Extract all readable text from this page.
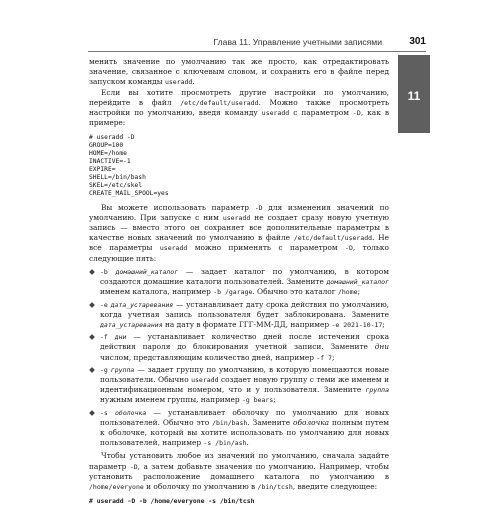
Глава 11. Управление учетными записями	301
11

менить значение по умолчанию так же просто, как отредактировать значение, связанное с ключевым словом, и сохранить его в файле перед запуском команды useradd.

Если вы хотите просмотреть другие настройки по умолчанию, перейдите в файл /etc/default/useradd. Можно также просмотреть настройки по умолчанию, введя команду useradd с параметром -D, как в примере:

# useradd -D
GROUP=100
HOME=/home
INACTIVE=-1
EXPIRE=
SHELL=/bin/bash
SKEL=/etc/skel
CREATE_MAIL_SPOOL=yes

Вы можете использовать параметр -D для изменения значений по умолчанию. При запуске с ним useradd не создает сразу новую учетную запись — вместо этого он сохраняет все дополнительные параметры в качестве новых значений по умолчанию в файле /etc/default/useradd. Не все параметры useradd можно применять с параметром -D, только следующие пять:

-b домашний_каталог — задает каталог по умолчанию, в котором создаются домашние каталоги пользователей. Замените домашний_каталог именем каталога, например -b /garage. Обычно это каталог /home;
-e дата_устаревания — устанавливает дату срока действия по умолчанию, когда учетная запись пользователя будет заблокирована. Замените дата_устаревания на дату в формате ГГГ-ММ-ДД, например -e 2021-10-17;
-f дни — устанавливает количество дней после истечения срока действия пароля до блокирования учетной записи. Замените дни числом, представляющим количество дней, например -f 7;
-g группа — задает группу по умолчанию, в которую помещаются новые пользователи. Обычно useradd создает новую группу с теми же именем и идентификационным номером, что и у пользователя. Замените группа нужным именем группы, например -g bears;
-s оболочка — устанавливает оболочку по умолчанию для новых пользователей. Обычно это /bin/bash. Замените оболочка полным путем к оболочке, который вы хотите использовать по умолчанию для новых пользователей, например -s /bin/ash.

Чтобы установить любое из значений по умолчанию, сначала задайте параметр -D, а затем добавьте значения по умолчанию. Например, чтобы установить расположение домашнего каталога по умолчанию в /home/everyone и оболочку по умолчанию в /bin/tcsh, введите следующее:

# useradd -D -b /home/everyone -s /bin/tcsh
